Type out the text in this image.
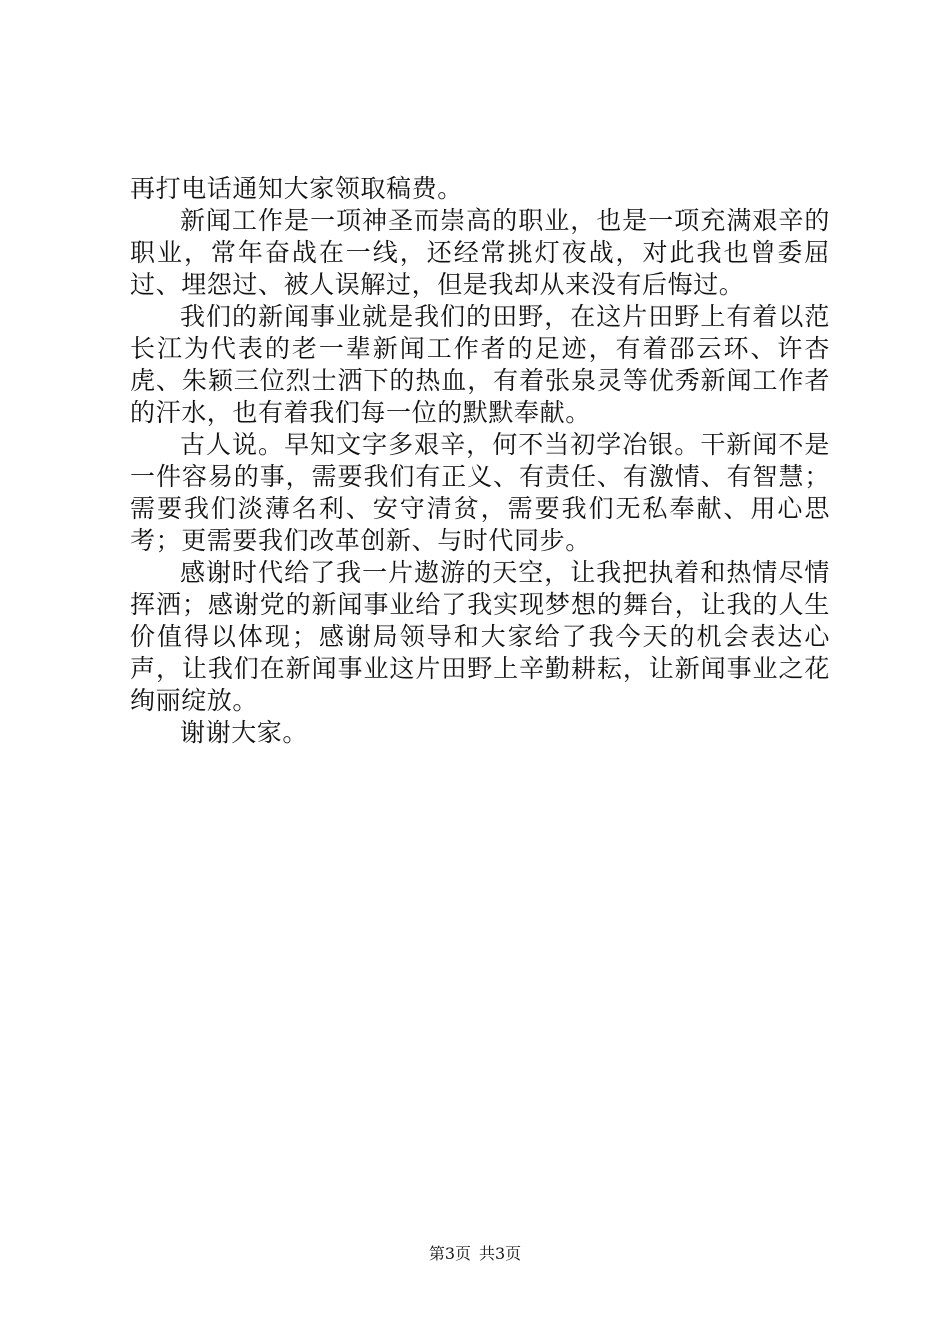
再打电话通知大家领取稿费。

新闻工作是一项神圣而崇高的职业，也是一项充满艰辛的职业，常年奋战在一线，还经常挑灯夜战，对此我也曾委屈过、埋怨过、被人误解过，但是我却从来没有后悔过。

我们的新闻事业就是我们的田野，在这片田野上有着以范长江为代表的老一辈新闻工作者的足迹，有着邵云环、许杏虎、朱颖三位烈士洒下的热血，有着张泉灵等优秀新闻工作者的汗水，也有着我们每一位的默默奉献。

古人说。早知文字多艰辛，何不当初学冶银。干新闻不是一件容易的事，需要我们有正义、有责任、有激情、有智慧；需要我们淡薄名利、安守清贫，需要我们无私奉献、用心思考；更需要我们改革创新、与时代同步。

感谢时代给了我一片遨游的天空，让我把执着和热情尽情挥洒；感谢党的新闻事业给了我实现梦想的舞台，让我的人生价值得以体现；感谢局领导和大家给了我今天的机会表达心声，让我们在新闻事业这片田野上辛勤耕耘，让新闻事业之花绚丽绽放。

谢谢大家。

第3页 共3页
